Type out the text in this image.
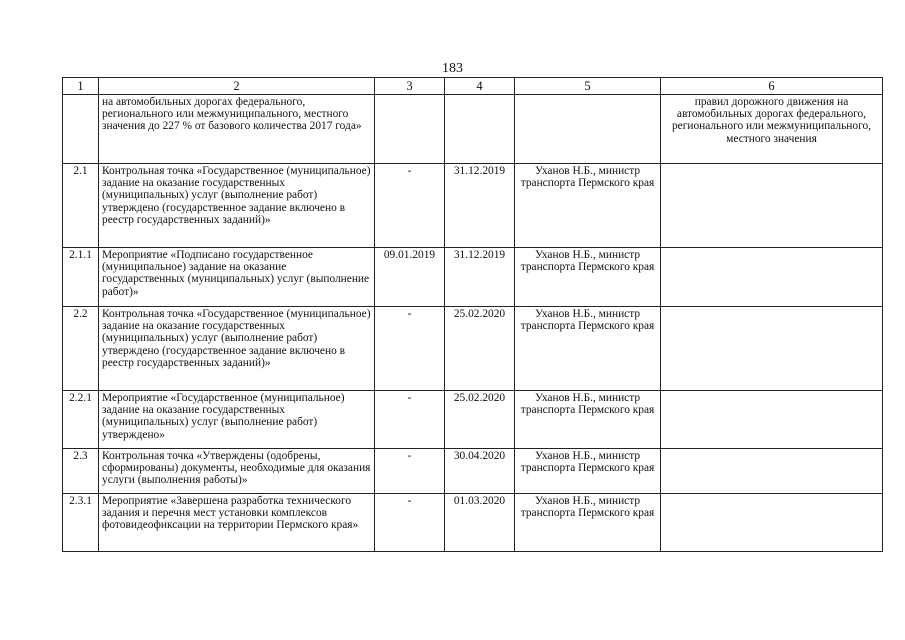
183
1	2	3	4	5	6
	на автомобильных дорогах федерального, регионального или межмуниципального, местного значения до 227 % от базового количества 2017 года»				правил дорожного движения на автомобильных дорогах федерального, регионального или межмуниципального, местного значения
2.1	Контрольная точка «Государственное (муниципальное) задание на оказание государственных (муниципальных) услуг (выполнение работ) утверждено (государственное задание включено в реестр государственных заданий)»	-	31.12.2019	Уханов Н.Б., министр транспорта Пермского края	
2.1.1	Мероприятие «Подписано государственное (муниципальное) задание на оказание государственных (муниципальных) услуг (выполнение работ)»	09.01.2019	31.12.2019	Уханов Н.Б., министр транспорта Пермского края	
2.2	Контрольная точка «Государственное (муниципальное) задание на оказание государственных (муниципальных) услуг (выполнение работ) утверждено (государственное задание включено в реестр государственных заданий)»	-	25.02.2020	Уханов Н.Б., министр транспорта Пермского края	
2.2.1	Мероприятие «Государственное (муниципальное) задание на оказание государственных (муниципальных) услуг (выполнение работ) утверждено»	-	25.02.2020	Уханов Н.Б., министр транспорта Пермского края	
2.3	Контрольная точка «Утверждены (одобрены, сформированы) документы, необходимые для оказания услуги (выполнения работы)»	-	30.04.2020	Уханов Н.Б., министр транспорта Пермского края	
2.3.1	Мероприятие «Завершена разработка технического задания и перечня мест установки комплексов фотовидеофиксации на территории Пермского края»	-	01.03.2020	Уханов Н.Б., министр транспорта Пермского края	
